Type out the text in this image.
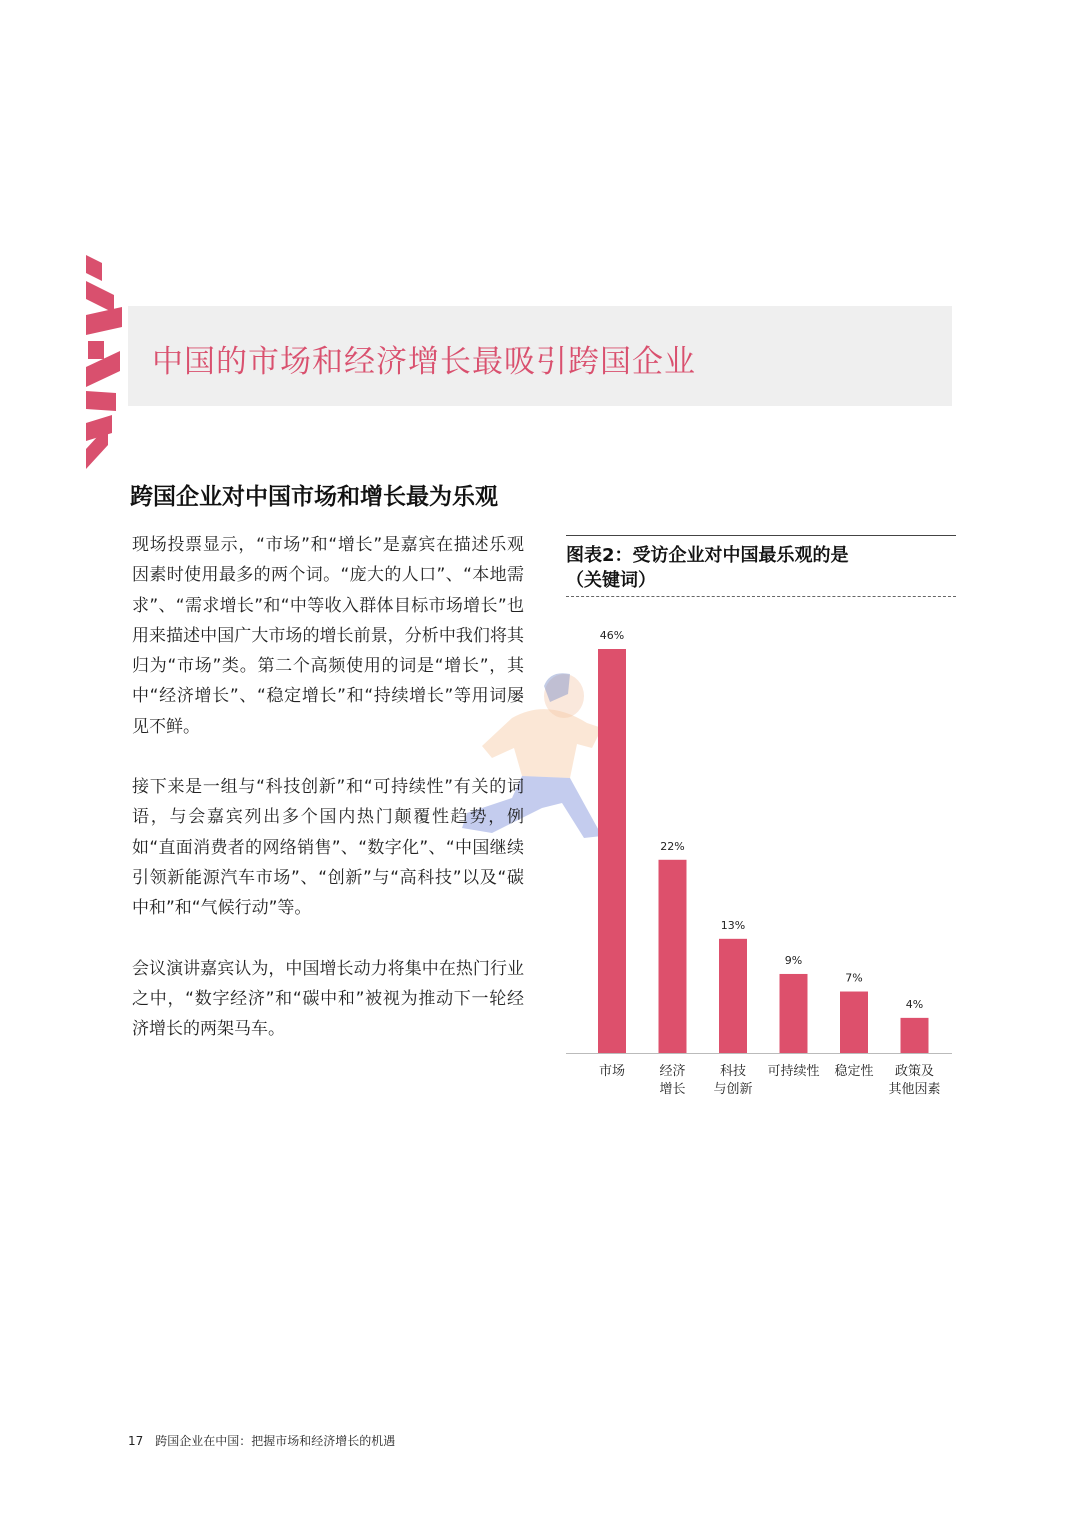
中国的市场和经济增长最吸引跨国企业
跨国企业对中国市场和增长最为乐观

现场投票显示，“市场”和“增长”是嘉宾在描述乐观因素时使用最多的两个词。“庞大的人口”、“本地需求”、“需求增长”和“中等收入群体目标市场增长”也用来描述中国广大市场的增长前景，分析中我们将其归为“市场”类。第二个高频使用的词是“增长”，其中“经济增长”、“稳定增长”和“持续增长”等用词屡见不鲜。

接下来是一组与“科技创新”和“可持续性”有关的词语，与会嘉宾列出多个国内热门颠覆性趋势，例如“直面消费者的网络销售”、“数字化”、“中国继续引领新能源汽车市场”、“创新”与“高科技”以及“碳中和”和“气候行动”等。

会议演讲嘉宾认为，中国增长动力将集中在热门行业之中，“数字经济”和“碳中和”被视为推动下一轮经济增长的两架马车。

图表2：受访企业对中国最乐观的是
（关键词）
46%
市场
22%
经济
增长
13%
科技
与创新
9%
可持续性
7%
稳定性
4%
政策及
其他因素
17 跨国企业在中国：把握市场和经济增长的机遇
